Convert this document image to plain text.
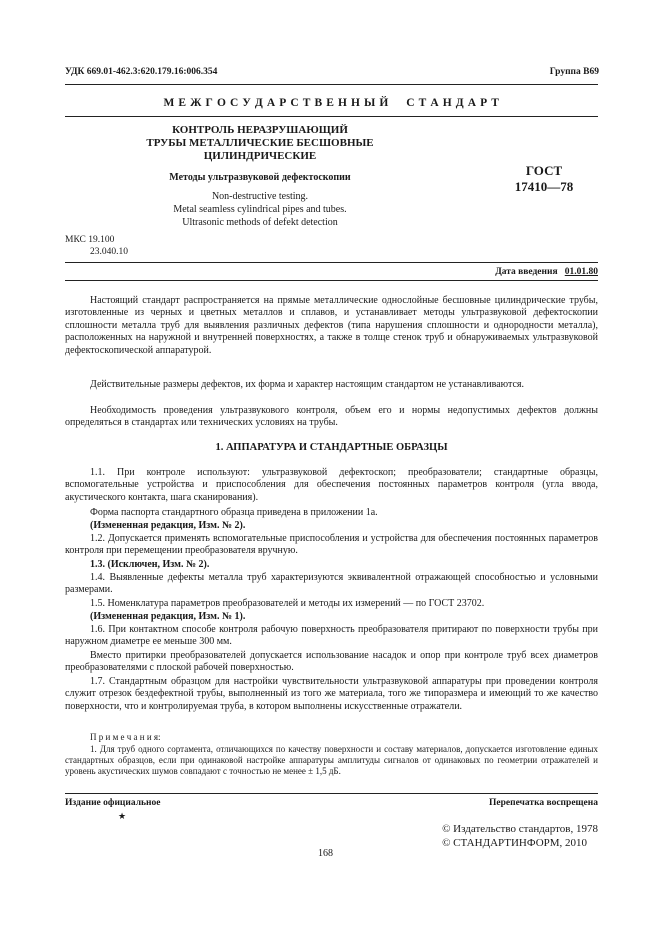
УДК 669.01-462.3:620.179.16:006.354	Группа В69
М Е Ж Г О С У Д А Р С Т В Е Н Н Ы Й     С Т А Н Д А Р Т
КОНТРОЛЬ НЕРАЗРУШАЮЩИЙ
ТРУБЫ МЕТАЛЛИЧЕСКИЕ БЕСШОВНЫЕ
ЦИЛИНДРИЧЕСКИЕ
Методы ультразвуковой дефектоскопии
Non-destructive testing.
Metal seamless cylindrical pipes and tubes.
Ultrasonic methods of defekt detection
ГОСТ
17410—78
МКС 19.100
23.040.10
Дата введения 01.01.80
Настоящий стандарт распространяется на прямые металлические однослойные бесшовные цилиндрические трубы, изготовленные из черных и цветных металлов и сплавов, и устанавливает методы ультразвуковой дефектоскопии сплошности металла труб для выявления различных дефектов (типа нарушения сплошности и однородности металла), расположенных на наружной и внутренней поверхностях, а также в толще стенок труб и обнаруживаемых ультразвуковой дефектоскопической аппаратурой.
Действительные размеры дефектов, их форма и характер настоящим стандартом не устанавливаются.
Необходимость проведения ультразвукового контроля, объем его и нормы недопустимых дефектов должны определяться в стандартах или технических условиях на трубы.
1. АППАРАТУРА И СТАНДАРТНЫЕ ОБРАЗЦЫ
1.1. При контроле используют: ультразвуковой дефектоскоп; преобразователи; стандартные образцы, вспомогательные устройства и приспособления для обеспечения постоянных параметров контроля (угла ввода, акустического контакта, шага сканирования).
Форма паспорта стандартного образца приведена в приложении 1а.
(Измененная редакция, Изм. № 2).
1.2. Допускается применять вспомогательные приспособления и устройства для обеспечения постоянных параметров контроля при перемещении преобразователя вручную.
1.3. (Исключен, Изм. № 2).
1.4. Выявленные дефекты металла труб характеризуются эквивалентной отражающей способностью и условными размерами.
1.5. Номенклатура параметров преобразователей и методы их измерений — по ГОСТ 23702.
(Измененная редакция, Изм. № 1).
1.6. При контактном способе контроля рабочую поверхность преобразователя притирают по поверхности трубы при наружном диаметре ее меньше 300 мм.
Вместо притирки преобразователей допускается использование насадок и опор при контроле труб всех диаметров преобразователями с плоской рабочей поверхностью.
1.7. Стандартным образцом для настройки чувствительности ультразвуковой аппаратуры при проведении контроля служит отрезок бездефектной трубы, выполненный из того же материала, того же типоразмера и имеющий то же качество поверхности, что и контролируемая труба, в котором выполнены искусственные отражатели.
П р и м е ч а н и я:
1. Для труб одного сортамента, отличающихся по качеству поверхности и составу материалов, допускается изготовление единых стандартных образцов, если при одинаковой настройке аппаратуры амплитуды сигналов от одинаковых по геометрии отражателей и уровень акустических шумов совпадают с точностью не менее ± 1,5 дБ.
Издание официальное	Перепечатка воспрещена
★
© Издательство стандартов, 1978
© СТАНДАРТИНФОРМ, 2010
168
